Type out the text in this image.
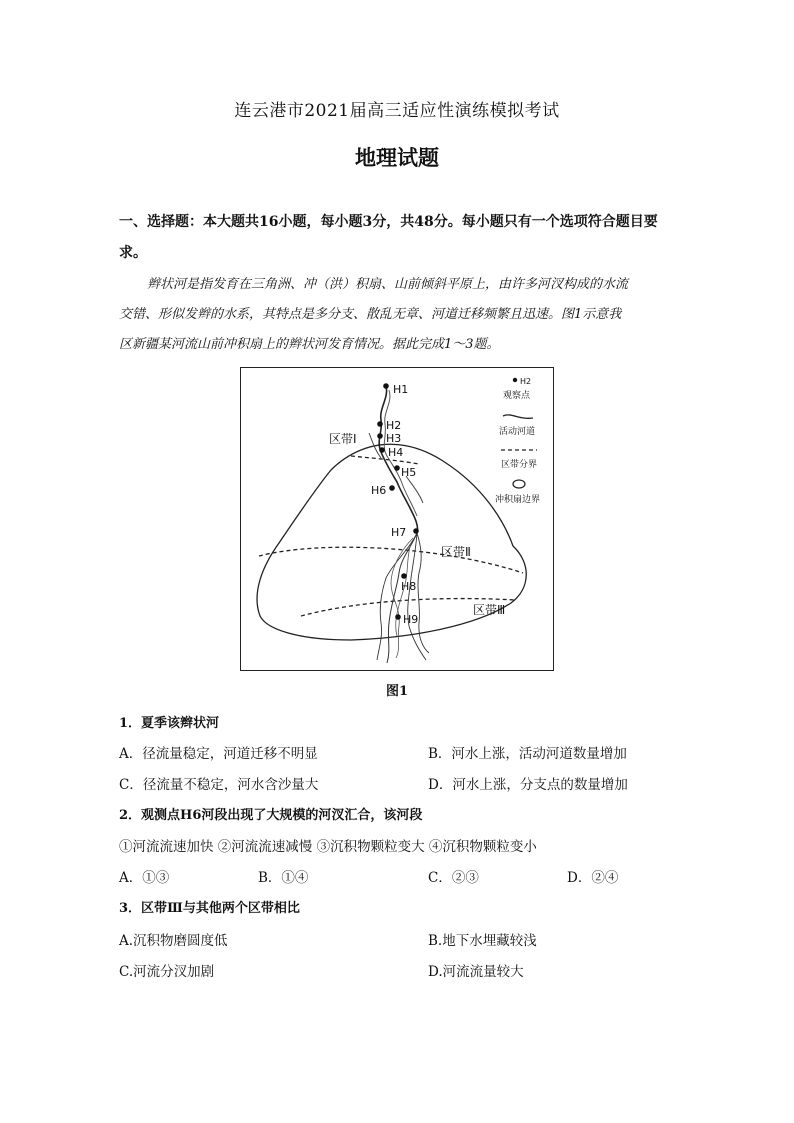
连云港市2021届高三适应性演练模拟考试
地理试题
一、选择题：本大题共16小题，每小题3分，共48分。每小题只有一个选项符合题目要
求。
辫状河是指发育在三角洲、冲（洪）积扇、山前倾斜平原上，由许多河汊构成的水流
交错、形似发辫的水系，其特点是多分支、散乱无章、河道迁移频繁且迅速。图1示意我
区新疆某河流山前冲积扇上的辫状河发育情况。据此完成1～3题。
H1
H2
H3
H4
H5
H6
H7
H8
H9
区带Ⅰ
区带Ⅱ
区带Ⅲ
H2
观察点
活动河道
区带分界
冲积扇边界
图1
1．夏季该辫状河
A．径流量稳定，河道迁移不明显	B．河水上涨，活动河道数量增加
C．径流量不稳定，河水含沙量大	D．河水上涨，分支点的数量增加
2．观测点H6河段出现了大规模的河汊汇合，该河段
①河流流速加快 ②河流流速减慢 ③沉积物颗粒变大 ④沉积物颗粒变小
A．①③	B．①④	C．②③	D．②④
3．区带Ⅲ与其他两个区带相比
A.沉积物磨圆度低	B.地下水埋藏较浅
C.河流分汊加剧	D.河流流量较大
